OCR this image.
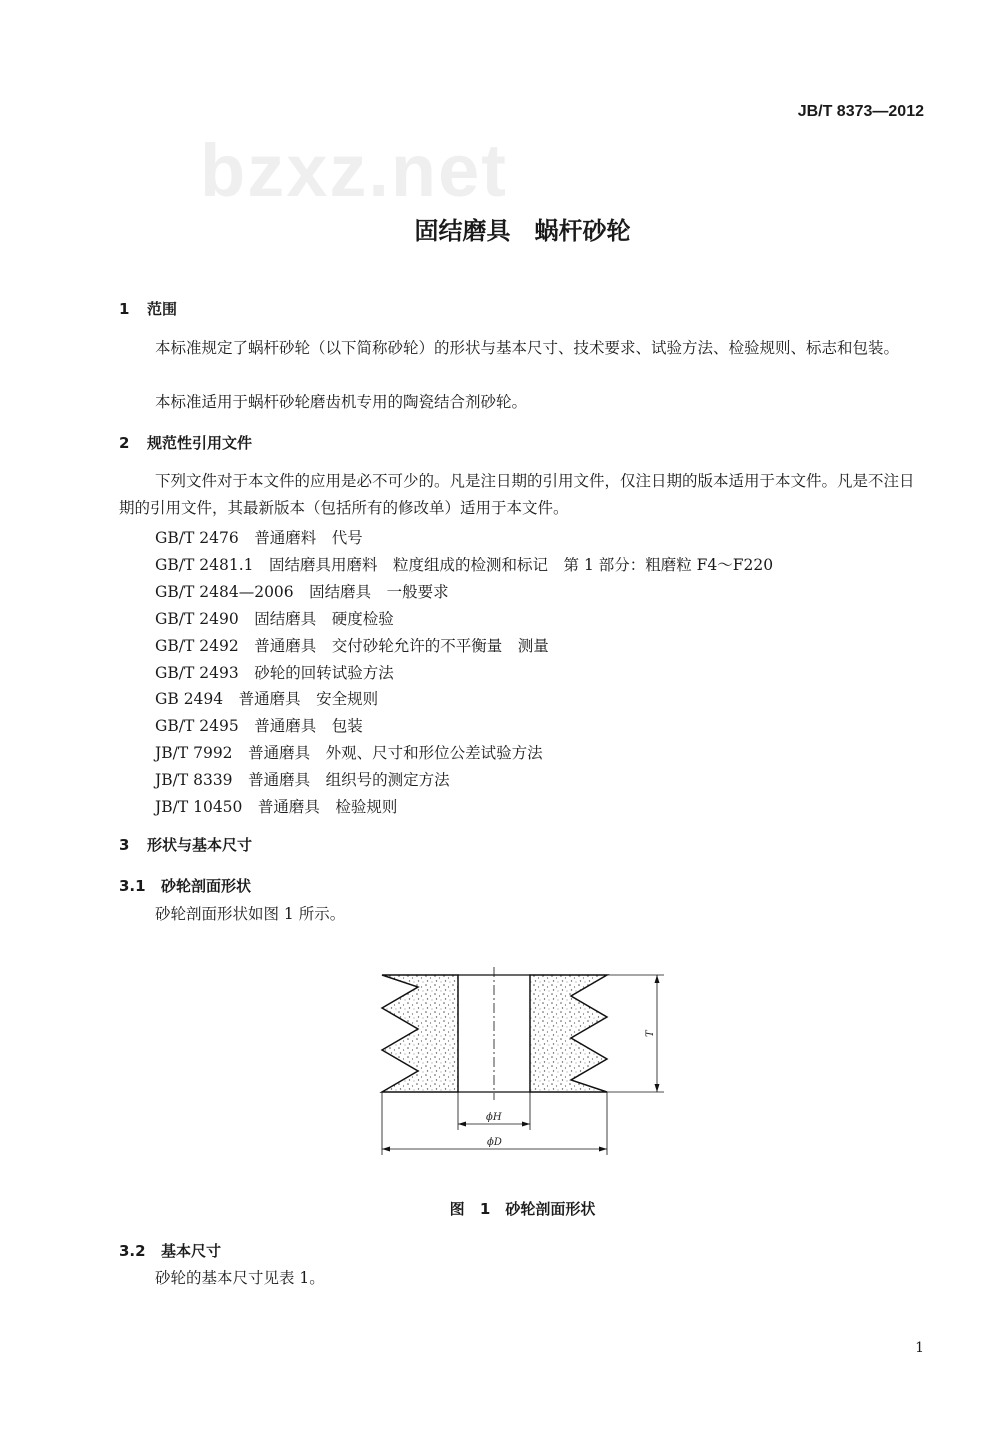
JB/T 8373—2012
bzxz.net
固结磨具　蜗杆砂轮
1 范围
本标准规定了蜗杆砂轮（以下简称砂轮）的形状与基本尺寸、技术要求、试验方法、检验规则、标志和包装。
本标准适用于蜗杆砂轮磨齿机专用的陶瓷结合剂砂轮。
2 规范性引用文件
下列文件对于本文件的应用是必不可少的。凡是注日期的引用文件，仅注日期的版本适用于本文件。凡是不注日期的引用文件，其最新版本（包括所有的修改单）适用于本文件。
GB/T 2476　 普通磨料　代号
GB/T 2481.1　 固结磨具用磨料　粒度组成的检测和标记　第 1 部分：粗磨粒 F4～F220
GB/T 2484—2006　 固结磨具　一般要求
GB/T 2490　 固结磨具　硬度检验
GB/T 2492　 普通磨具　交付砂轮允许的不平衡量　测量
GB/T 2493　 砂轮的回转试验方法
GB 2494　 普通磨具　安全规则
GB/T 2495　 普通磨具　包装
JB/T 7992　 普通磨具　外观、尺寸和形位公差试验方法
JB/T 8339　 普通磨具　组织号的测定方法
JB/T 10450　 普通磨具　检验规则
3 形状与基本尺寸
3.1 砂轮剖面形状
砂轮剖面形状如图 1 所示。
T
ϕH
ϕD
图 1　砂轮剖面形状
3.2 基本尺寸
砂轮的基本尺寸见表 1。
1
